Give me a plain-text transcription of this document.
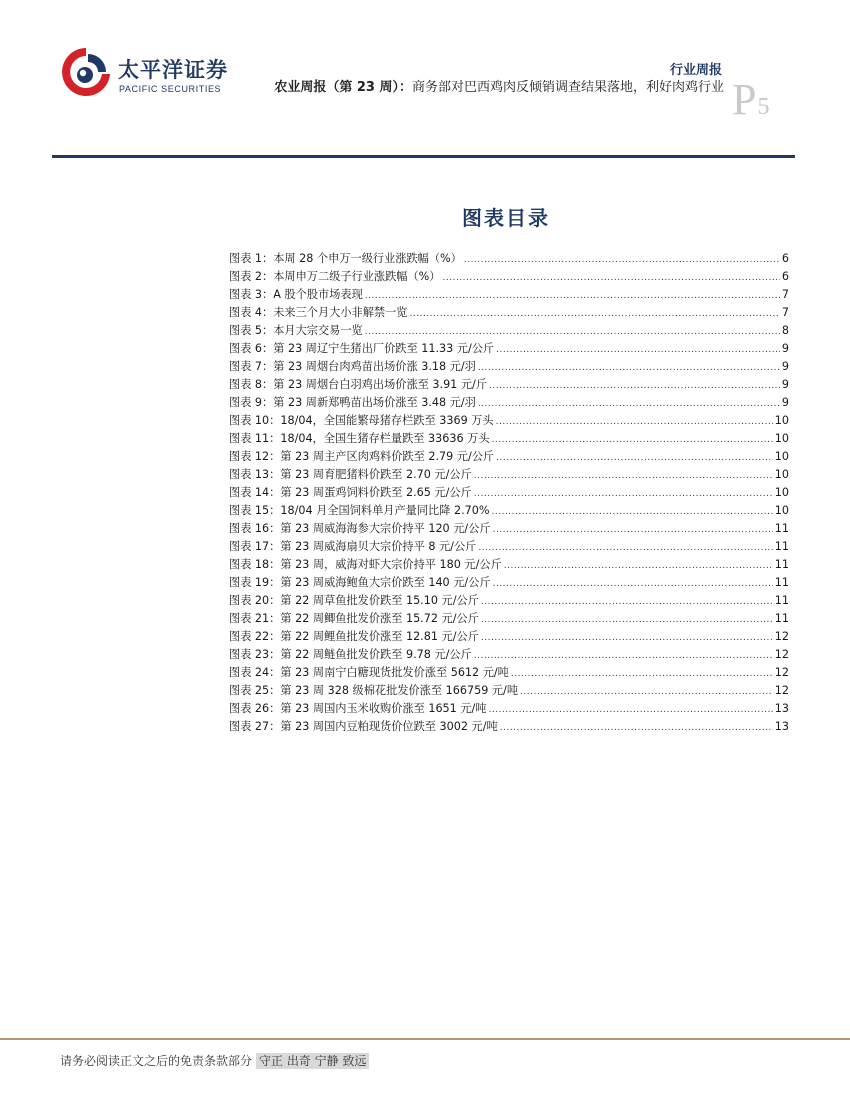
太平洋证券
PACIFIC SECURITIES
行业周报
农业周报（第 23 周）：商务部对巴西鸡肉反倾销调查结果落地，利好肉鸡行业 P5
图表目录
图表 1：本周 28 个申万一级行业涨跌幅（%） .....	6
图表 2：本周申万二级子行业涨跌幅（%） .....	6
图表 3：A 股个股市场表现 .....	7
图表 4：未来三个月大小非解禁一览 .....	7
图表 5：本月大宗交易一览 .....	8
图表 6：第 23 周辽宁生猪出厂价跌至 11.33 元/公斤 .....	9
图表 7：第 23 周烟台肉鸡苗出场价涨 3.18 元/羽 .....	9
图表 8：第 23 周烟台白羽鸡出场价涨至 3.91 元/斤 .....	9
图表 9：第 23 周新郑鸭苗出场价涨至 3.48 元/羽 .....	9
图表 10：18/04，全国能繁母猪存栏跌至 3369 万头 .....	10
图表 11：18/04，全国生猪存栏量跌至 33636 万头 .....	10
图表 12：第 23 周主产区肉鸡料价跌至 2.79 元/公斤 .....	10
图表 13：第 23 周育肥猪料价跌至 2.70 元/公斤 .....	10
图表 14：第 23 周蛋鸡饲料价跌至 2.65 元/公斤 .....	10
图表 15：18/04 月全国饲料单月产量同比降 2.70% .....	10
图表 16：第 23 周威海海参大宗价持平 120 元/公斤 .....	11
图表 17：第 23 周威海扇贝大宗价持平 8 元/公斤 .....	11
图表 18：第 23 周，威海对虾大宗价持平 180 元/公斤 .....	11
图表 19：第 23 周威海鲍鱼大宗价跌至 140 元/公斤 .....	11
图表 20：第 22 周草鱼批发价跌至 15.10 元/公斤 .....	11
图表 21：第 22 周鲫鱼批发价涨至 15.72 元/公斤 .....	11
图表 22：第 22 周鲤鱼批发价涨至 12.81 元/公斤 .....	12
图表 23：第 22 周鲢鱼批发价跌至 9.78 元/公斤 .....	12
图表 24：第 23 周南宁白糖现货批发价涨至 5612 元/吨 .....	12
图表 25：第 23 周 328 级棉花批发价涨至 166759 元/吨 .....	12
图表 26：第 23 周国内玉米收购价涨至 1651 元/吨 .....	13
图表 27：第 23 周国内豆粕现货价位跌至 3002 元/吨 .....	13
请务必阅读正文之后的免责条款部分 守正 出奇 宁静 致远
